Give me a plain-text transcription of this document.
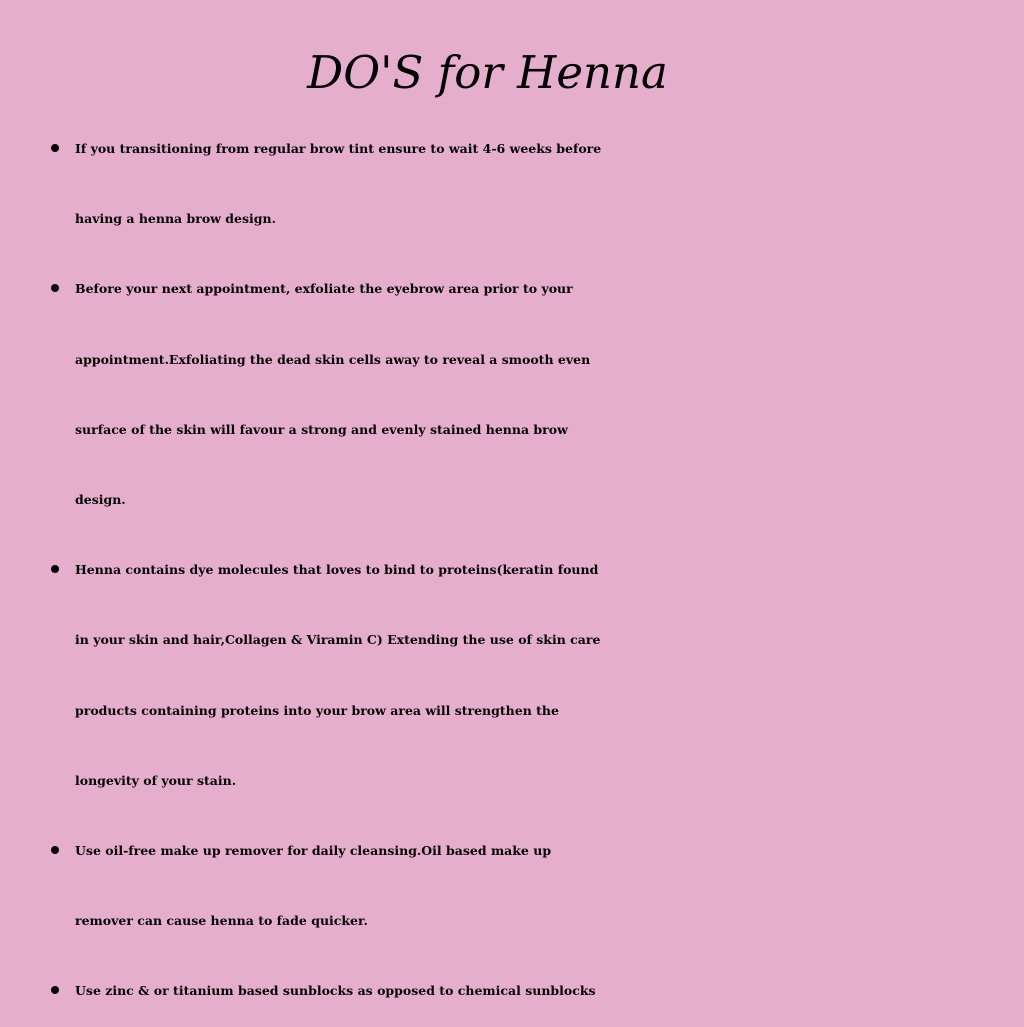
DO'S for Henna
If you transitioning from regular brow tint ensure to wait 4-6 weeks before
having a henna brow design.
Before your next appointment, exfoliate the eyebrow area prior to your
appointment.Exfoliating the dead skin cells away to reveal a smooth even
surface of the skin will favour a strong and evenly stained henna brow
design.
Henna contains dye molecules that loves to bind to proteins(keratin found
in your skin and hair,Collagen & Viramin C) Extending the use of skin care
products containing proteins into your brow area will strengthen the
longevity of your stain.
Use oil-free make up remover for daily cleansing.Oil based make up
remover can cause henna to fade quicker.
Use zinc & or titanium based sunblocks as opposed to chemical sunblocks
